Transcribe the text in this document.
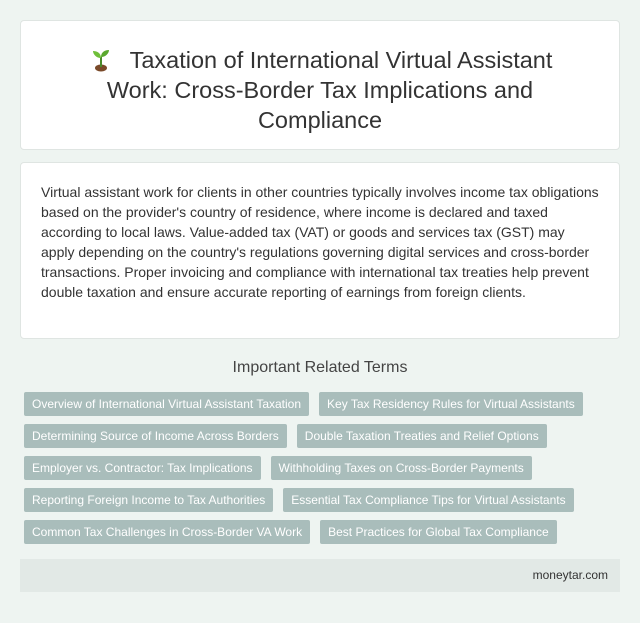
Taxation of International Virtual Assistant Work: Cross-Border Tax Implications and Compliance

Virtual assistant work for clients in other countries typically involves income tax obligations based on the provider's country of residence, where income is declared and taxed according to local laws. Value-added tax (VAT) or goods and services tax (GST) may apply depending on the country's regulations governing digital services and cross-border transactions. Proper invoicing and compliance with international tax treaties help prevent double taxation and ensure accurate reporting of earnings from foreign clients.

Important Related Terms
Overview of International Virtual Assistant Taxation	Key Tax Residency Rules for Virtual Assistants
Determining Source of Income Across Borders	Double Taxation Treaties and Relief Options
Employer vs. Contractor: Tax Implications	Withholding Taxes on Cross-Border Payments
Reporting Foreign Income to Tax Authorities	Essential Tax Compliance Tips for Virtual Assistants
Common Tax Challenges in Cross-Border VA Work	Best Practices for Global Tax Compliance
moneytar.com
